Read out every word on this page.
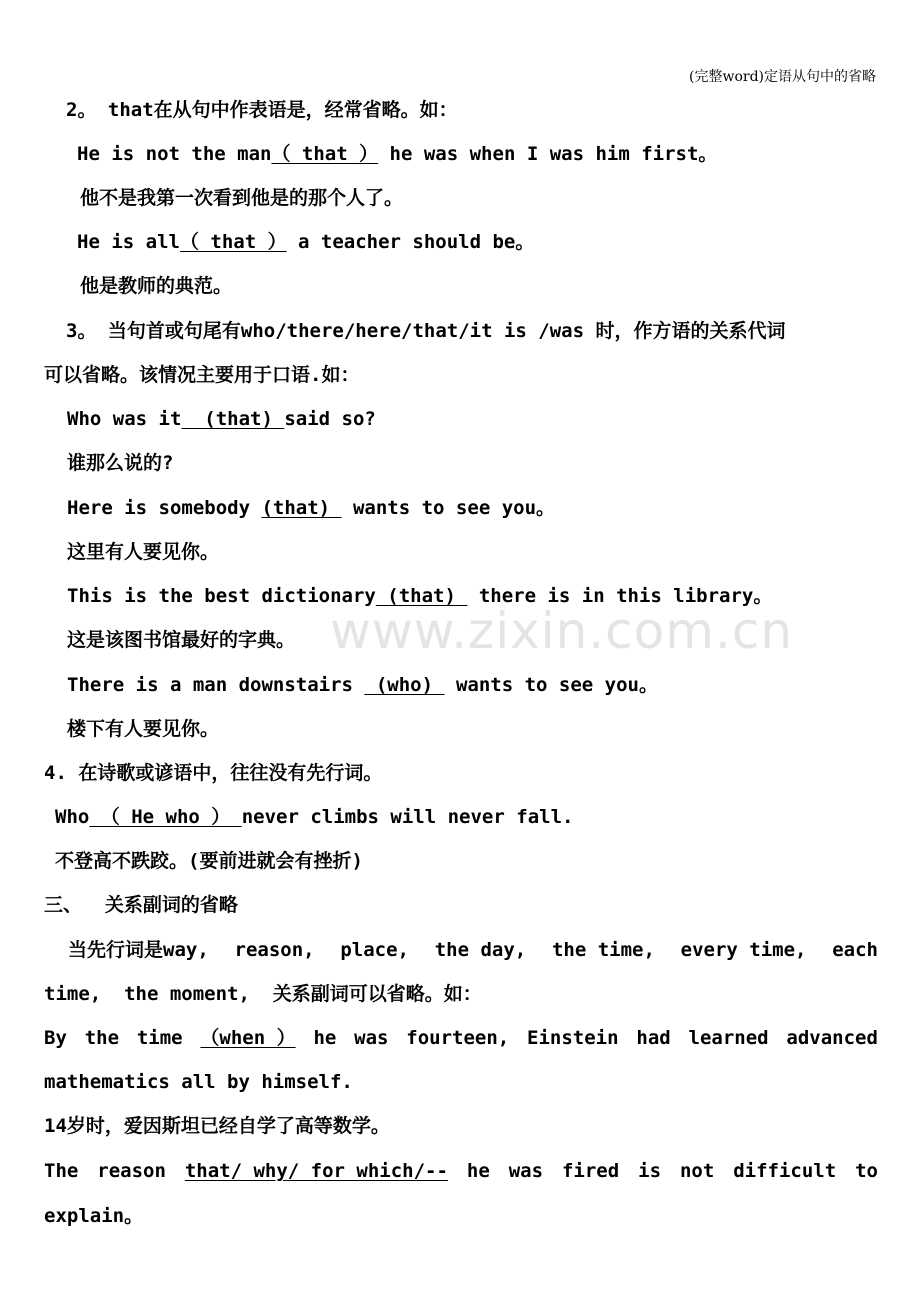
(完整word)定语从句中的省略
www.zixin.com.cn
2。 that在从句中作表语是，经常省略。如：
He is not the man（ that ） he was when I was him first。
他不是我第一次看到他是的那个人了。
He is all（ that ） a teacher should be。
他是教师的典范。
3。 当句首或句尾有who/there/here/that/it is /was 时，作方语的关系代词
可以省略。该情况主要用于口语.如：
Who was it  (that) said so?
谁那么说的?
Here is somebody (that)  wants to see you。
这里有人要见你。
This is the best dictionary (that)  there is in this library。
这是该图书馆最好的字典。
There is a man downstairs  (who)  wants to see you。
楼下有人要见你。
4. 在诗歌或谚语中，往往没有先行词。
Who （ He who ） never climbs will never fall.
不登高不跌跤。(要前进就会有挫折)
三、  关系副词的省略
当先行词是way, reason, place, the day, the time, every time, each
time,  the moment,  关系副词可以省略。如：
By the time （when ） he was fourteen, Einstein had learned advanced
mathematics all by himself.
14岁时，爱因斯坦已经自学了高等数学。
The reason that/ why/ for which/-- he was fired is not difficult to
explain。
